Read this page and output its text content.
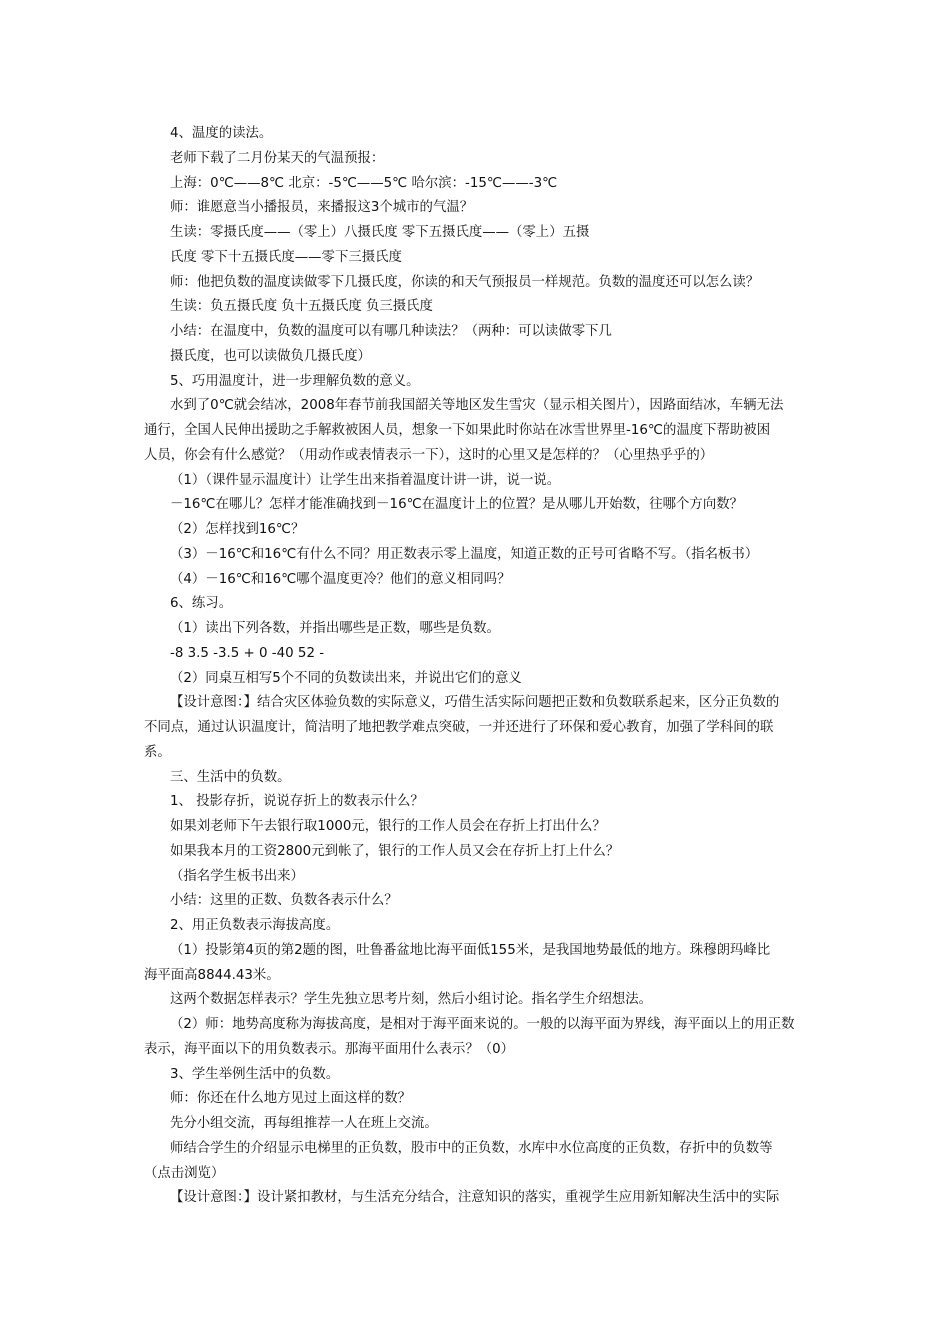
4、温度的读法。
老师下载了二月份某天的气温预报：
上海：0℃——8℃ 北京：-5℃——5℃ 哈尔滨：-15℃——-3℃
师：谁愿意当小播报员，来播报这3个城市的气温？
生读：零摄氏度——（零上）八摄氏度 零下五摄氏度——（零上）五摄
氏度 零下十五摄氏度——零下三摄氏度
师：他把负数的温度读做零下几摄氏度，你读的和天气预报员一样规范。负数的温度还可以怎么读？
生读：负五摄氏度 负十五摄氏度 负三摄氏度
小结：在温度中，负数的温度可以有哪几种读法？（两种：可以读做零下几
摄氏度，也可以读做负几摄氏度）
5、巧用温度计，进一步理解负数的意义。
水到了0℃就会结冰，2008年春节前我国韶关等地区发生雪灾（显示相关图片），因路面结冰，车辆无法
通行，全国人民伸出援助之手解救被困人员，想象一下如果此时你站在冰雪世界里-16℃的温度下帮助被困
人员，你会有什么感觉？（用动作或表情表示一下），这时的心里又是怎样的？（心里热乎乎的）
（1）（课件显示温度计）让学生出来指着温度计讲一讲，说一说。
－16℃在哪儿？怎样才能准确找到－16℃在温度计上的位置？是从哪儿开始数，往哪个方向数？
（2）怎样找到16℃？
（3）－16℃和16℃有什么不同？用正数表示零上温度，知道正数的正号可省略不写。（指名板书）
（4）－16℃和16℃哪个温度更冷？他们的意义相同吗？
6、练习。
（1）读出下列各数，并指出哪些是正数，哪些是负数。
-8 3.5 -3.5 + 0 -40 52 -
（2）同桌互相写5个不同的负数读出来，并说出它们的意义
【设计意图：】结合灾区体验负数的实际意义，巧借生活实际问题把正数和负数联系起来，区分正负数的
不同点，通过认识温度计，简洁明了地把教学难点突破，一并还进行了环保和爱心教育，加强了学科间的联
系。
三、生活中的负数。
1、 投影存折，说说存折上的数表示什么？
如果刘老师下午去银行取1000元，银行的工作人员会在存折上打出什么？
如果我本月的工资2800元到帐了，银行的工作人员又会在存折上打上什么？
（指名学生板书出来）
小结：这里的正数、负数各表示什么？
2、用正负数表示海拔高度。
（1）投影第4页的第2题的图，吐鲁番盆地比海平面低155米，是我国地势最低的地方。珠穆朗玛峰比
海平面高8844.43米。
这两个数据怎样表示？学生先独立思考片刻，然后小组讨论。指名学生介绍想法。
（2）师：地势高度称为海拔高度，是相对于海平面来说的。一般的以海平面为界线，海平面以上的用正数
表示，海平面以下的用负数表示。那海平面用什么表示？（0）
3、学生举例生活中的负数。
师：你还在什么地方见过上面这样的数？
先分小组交流，再每组推荐一人在班上交流。
师结合学生的介绍显示电梯里的正负数，股市中的正负数，水库中水位高度的正负数，存折中的负数等
（点击浏览）
【设计意图：】设计紧扣教材，与生活充分结合，注意知识的落实，重视学生应用新知解决生活中的实际
